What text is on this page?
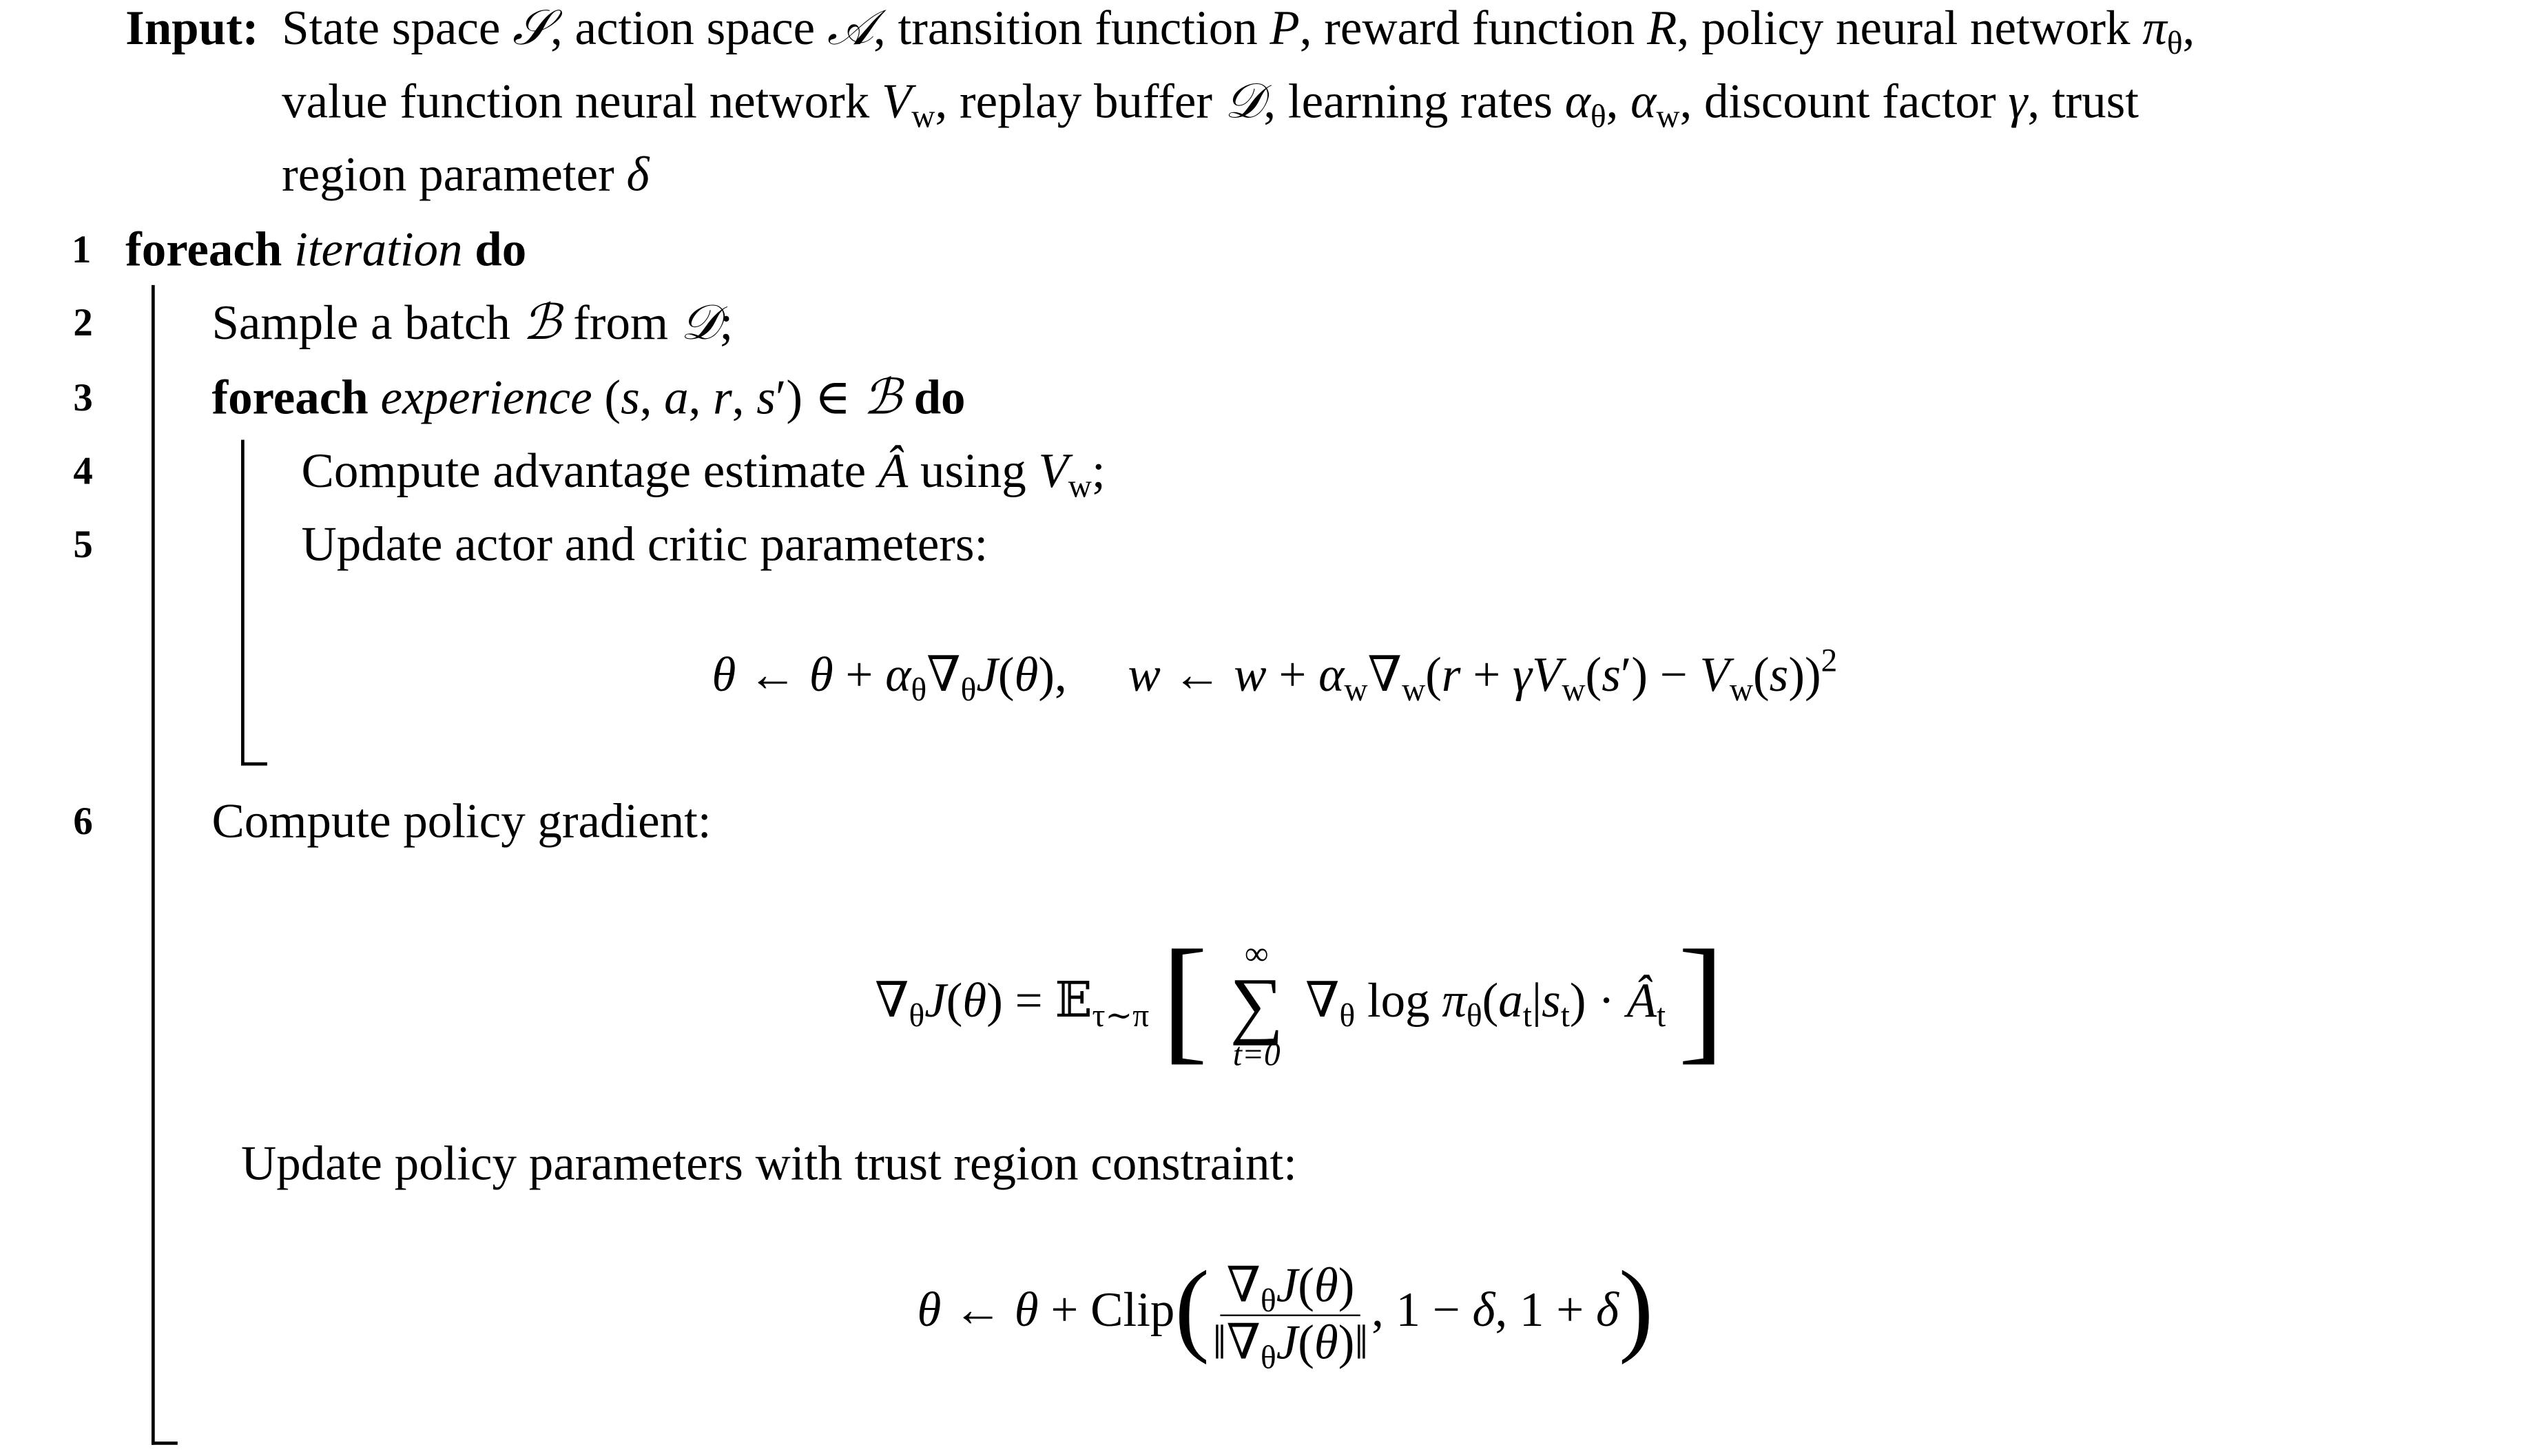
Input: State space 𝒮, action space 𝒜, transition function P, reward function R, policy neural network $\pi_\theta$,
value function neural network $V_w$, replay buffer 𝒟, learning rates $\alpha_\theta$, $\alpha_w$, discount factor γ, trust
region parameter δ
1 foreach iteration do
2	Sample a batch ℬ from 𝒟;
3	foreach experience (s, a, r, s′) ∈ ℬ do
4	Compute advantage estimate Â using $V_w$;
5	Update actor and critic parameters:
θ ← $\theta + \alpha_\theta\nabla_\theta J(\theta)$, 	w ← $w + \alpha_w\nabla_w(r + \gamma V_w(s') - V_w(s))^2$
6	Compute policy gradient:
$\nabla_\theta J(\theta)$ = 𝔼$_{\tau\sim\pi}$ [	∞
∑
t=0
$\nabla_\theta$ $\log \pi_\theta(a_t|s_t)$ · $Â_t$ ]
Update policy parameters with trust region constraint:
θ ← θ + Clip( $\frac{\nabla_\theta J(\theta)}{‖\nabla_\theta J(\theta)‖}$ , 1 − δ, 1 + δ)
